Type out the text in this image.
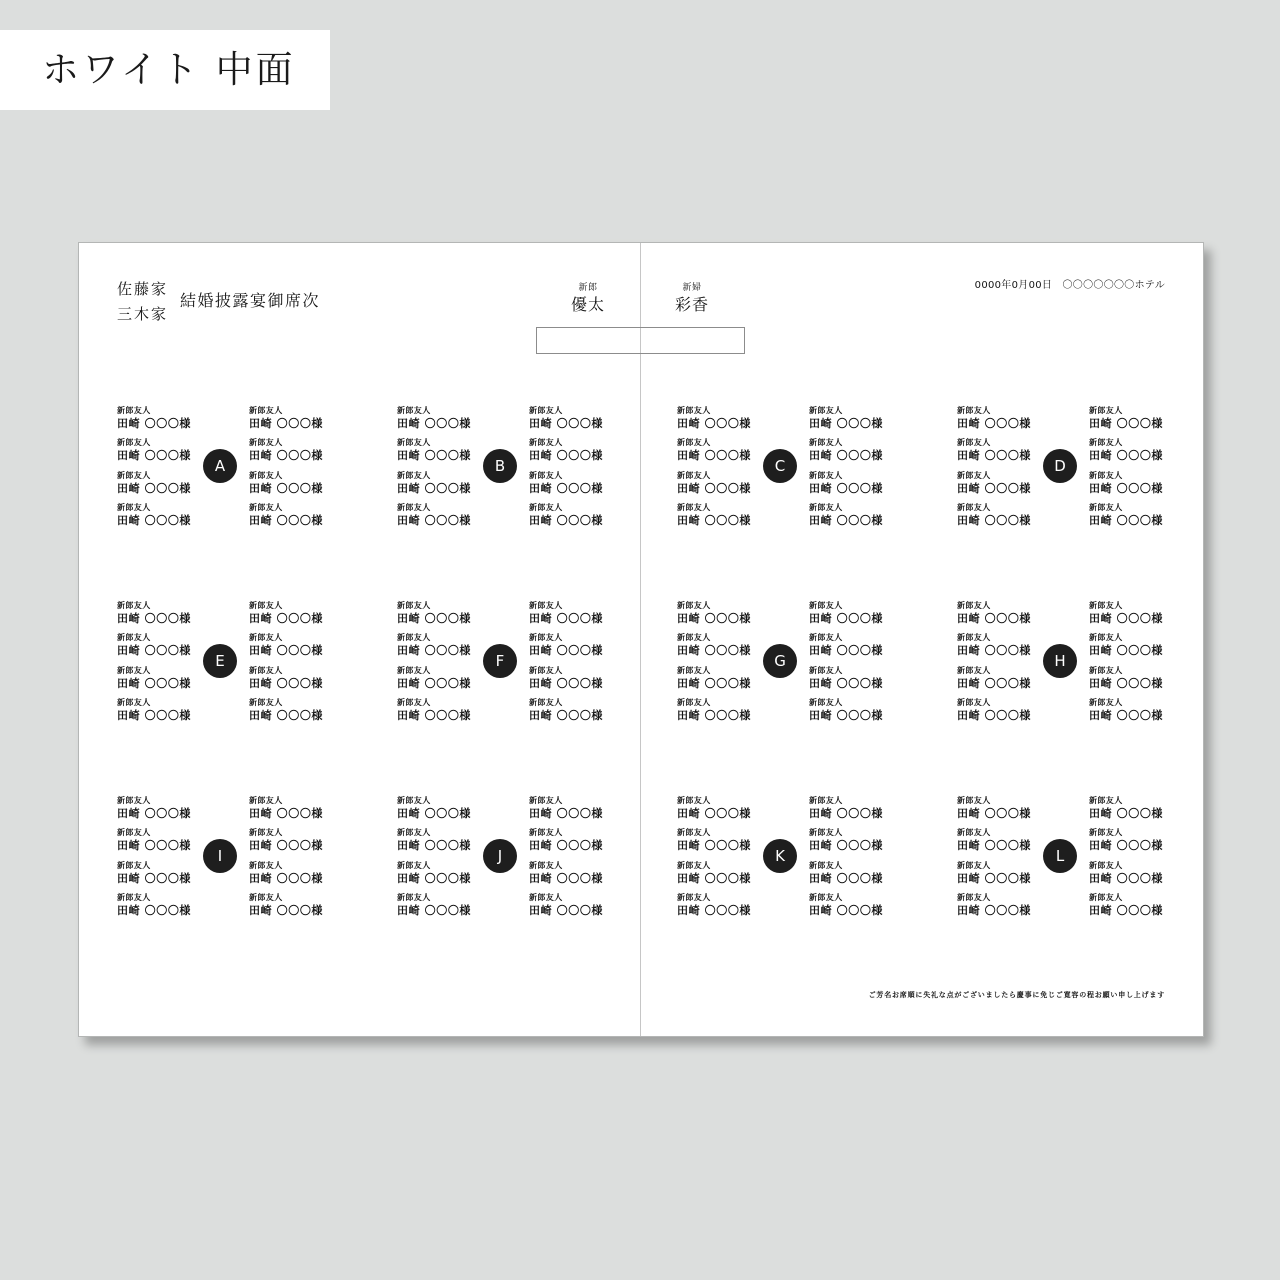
ホワイト 中面
佐藤家
三木家
結婚披露宴御席次
新郎
優太
新婦
彩香
0000年0月00日　〇〇〇〇〇〇〇ホテル
新郎友人
田崎 〇〇〇様
新郎友人
田崎 〇〇〇様
新郎友人
田崎 〇〇〇様
新郎友人
田崎 〇〇〇様
新郎友人
田崎 〇〇〇様
新郎友人
田崎 〇〇〇様
新郎友人
田崎 〇〇〇様
新郎友人
田崎 〇〇〇様
A
新郎友人
田崎 〇〇〇様
新郎友人
田崎 〇〇〇様
新郎友人
田崎 〇〇〇様
新郎友人
田崎 〇〇〇様
新郎友人
田崎 〇〇〇様
新郎友人
田崎 〇〇〇様
新郎友人
田崎 〇〇〇様
新郎友人
田崎 〇〇〇様
B
新郎友人
田崎 〇〇〇様
新郎友人
田崎 〇〇〇様
新郎友人
田崎 〇〇〇様
新郎友人
田崎 〇〇〇様
新郎友人
田崎 〇〇〇様
新郎友人
田崎 〇〇〇様
新郎友人
田崎 〇〇〇様
新郎友人
田崎 〇〇〇様
C
新郎友人
田崎 〇〇〇様
新郎友人
田崎 〇〇〇様
新郎友人
田崎 〇〇〇様
新郎友人
田崎 〇〇〇様
新郎友人
田崎 〇〇〇様
新郎友人
田崎 〇〇〇様
新郎友人
田崎 〇〇〇様
新郎友人
田崎 〇〇〇様
D
新郎友人
田崎 〇〇〇様
新郎友人
田崎 〇〇〇様
新郎友人
田崎 〇〇〇様
新郎友人
田崎 〇〇〇様
新郎友人
田崎 〇〇〇様
新郎友人
田崎 〇〇〇様
新郎友人
田崎 〇〇〇様
新郎友人
田崎 〇〇〇様
E
新郎友人
田崎 〇〇〇様
新郎友人
田崎 〇〇〇様
新郎友人
田崎 〇〇〇様
新郎友人
田崎 〇〇〇様
新郎友人
田崎 〇〇〇様
新郎友人
田崎 〇〇〇様
新郎友人
田崎 〇〇〇様
新郎友人
田崎 〇〇〇様
F
新郎友人
田崎 〇〇〇様
新郎友人
田崎 〇〇〇様
新郎友人
田崎 〇〇〇様
新郎友人
田崎 〇〇〇様
新郎友人
田崎 〇〇〇様
新郎友人
田崎 〇〇〇様
新郎友人
田崎 〇〇〇様
新郎友人
田崎 〇〇〇様
G
新郎友人
田崎 〇〇〇様
新郎友人
田崎 〇〇〇様
新郎友人
田崎 〇〇〇様
新郎友人
田崎 〇〇〇様
新郎友人
田崎 〇〇〇様
新郎友人
田崎 〇〇〇様
新郎友人
田崎 〇〇〇様
新郎友人
田崎 〇〇〇様
H
新郎友人
田崎 〇〇〇様
新郎友人
田崎 〇〇〇様
新郎友人
田崎 〇〇〇様
新郎友人
田崎 〇〇〇様
新郎友人
田崎 〇〇〇様
新郎友人
田崎 〇〇〇様
新郎友人
田崎 〇〇〇様
新郎友人
田崎 〇〇〇様
I
新郎友人
田崎 〇〇〇様
新郎友人
田崎 〇〇〇様
新郎友人
田崎 〇〇〇様
新郎友人
田崎 〇〇〇様
新郎友人
田崎 〇〇〇様
新郎友人
田崎 〇〇〇様
新郎友人
田崎 〇〇〇様
新郎友人
田崎 〇〇〇様
J
新郎友人
田崎 〇〇〇様
新郎友人
田崎 〇〇〇様
新郎友人
田崎 〇〇〇様
新郎友人
田崎 〇〇〇様
新郎友人
田崎 〇〇〇様
新郎友人
田崎 〇〇〇様
新郎友人
田崎 〇〇〇様
新郎友人
田崎 〇〇〇様
K
新郎友人
田崎 〇〇〇様
新郎友人
田崎 〇〇〇様
新郎友人
田崎 〇〇〇様
新郎友人
田崎 〇〇〇様
新郎友人
田崎 〇〇〇様
新郎友人
田崎 〇〇〇様
新郎友人
田崎 〇〇〇様
新郎友人
田崎 〇〇〇様
L
ご芳名お席順に失礼な点がございましたら慶事に免じご寛容の程お願い申し上げます
